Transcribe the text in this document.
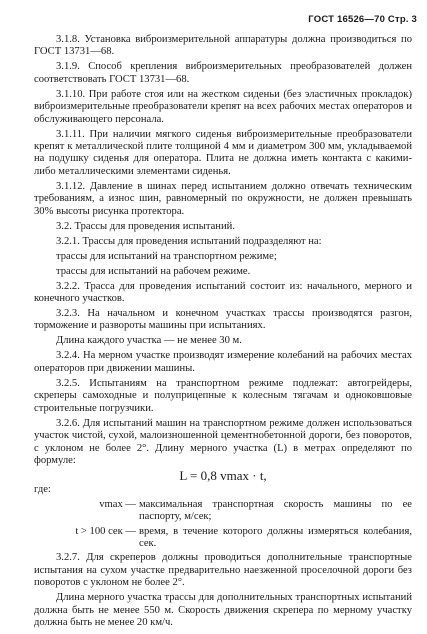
ГОСТ 16526—70 Стр. 3

3.1.8. Установка виброизмерительной аппаратуры должна производиться по ГОСТ 13731—68.

3.1.9. Способ крепления виброизмерительных преобразователей должен соответствовать ГОСТ 13731—68.

3.1.10. При работе стоя или на жестком сиденьи (без эластичных прокладок) виброизмерительные преобразователи крепят на всех рабочих местах операторов и обслуживающего персонала.

3.1.11. При наличии мягкого сиденья виброизмерительные преобразователи крепят к металлической плите толщиной 4 мм и диаметром 300 мм, укладываемой на подушку сиденья для оператора. Плита не должна иметь контакта с какими-либо металлическими элементами сиденья.

3.1.12. Давление в шинах перед испытанием должно отвечать техническим требованиям, а износ шин, равномерный по окружности, не должен превышать 30% высоты рисунка протектора.

3.2. Трассы для проведения испытаний.

3.2.1. Трассы для проведения испытаний подразделяют на:

трассы для испытаний на транспортном режиме;

трассы для испытаний на рабочем режиме.

3.2.2. Трасса для проведения испытаний состоит из: начального, мерного и конечного участков.

3.2.3. На начальном и конечном участках трассы производятся разгон, торможение и развороты машины при испытаниях.

Длина каждого участка — не менее 30 м.

3.2.4. На мерном участке производят измерение колебаний на рабочих местах операторов при движении машины.

3.2.5. Испытаниям на транспортном режиме подлежат: автогрейдеры, скреперы самоходные и полуприцепные к колесным тягачам и одноковшовые строительные погрузчики.

3.2.6. Для испытаний машин на транспортном режиме должен использоваться участок чистой, сухой, малоизношенной цементнобетонной дороги, без поворотов, с уклоном не более 2°. Длину мерного участка (L) в метрах определяют по формуле:

L = 0,8 vmax · t,
где:
vmax — максимальная транспортная скорость машины по ее паспорту, м/сек;
t > 100 сек — время, в течение которого должны измеряться колебания, сек.

3.2.7. Для скреперов должны проводиться дополнительные транспортные испытания на сухом участке предварительно наезженной проселочной дороги без поворотов с уклоном не более 2°.

Длина мерного участка трассы для дополнительных транспортных испытаний должна быть не менее 550 м. Скорость движения скрепера по мерному участку должна быть не менее 20 км/ч.
